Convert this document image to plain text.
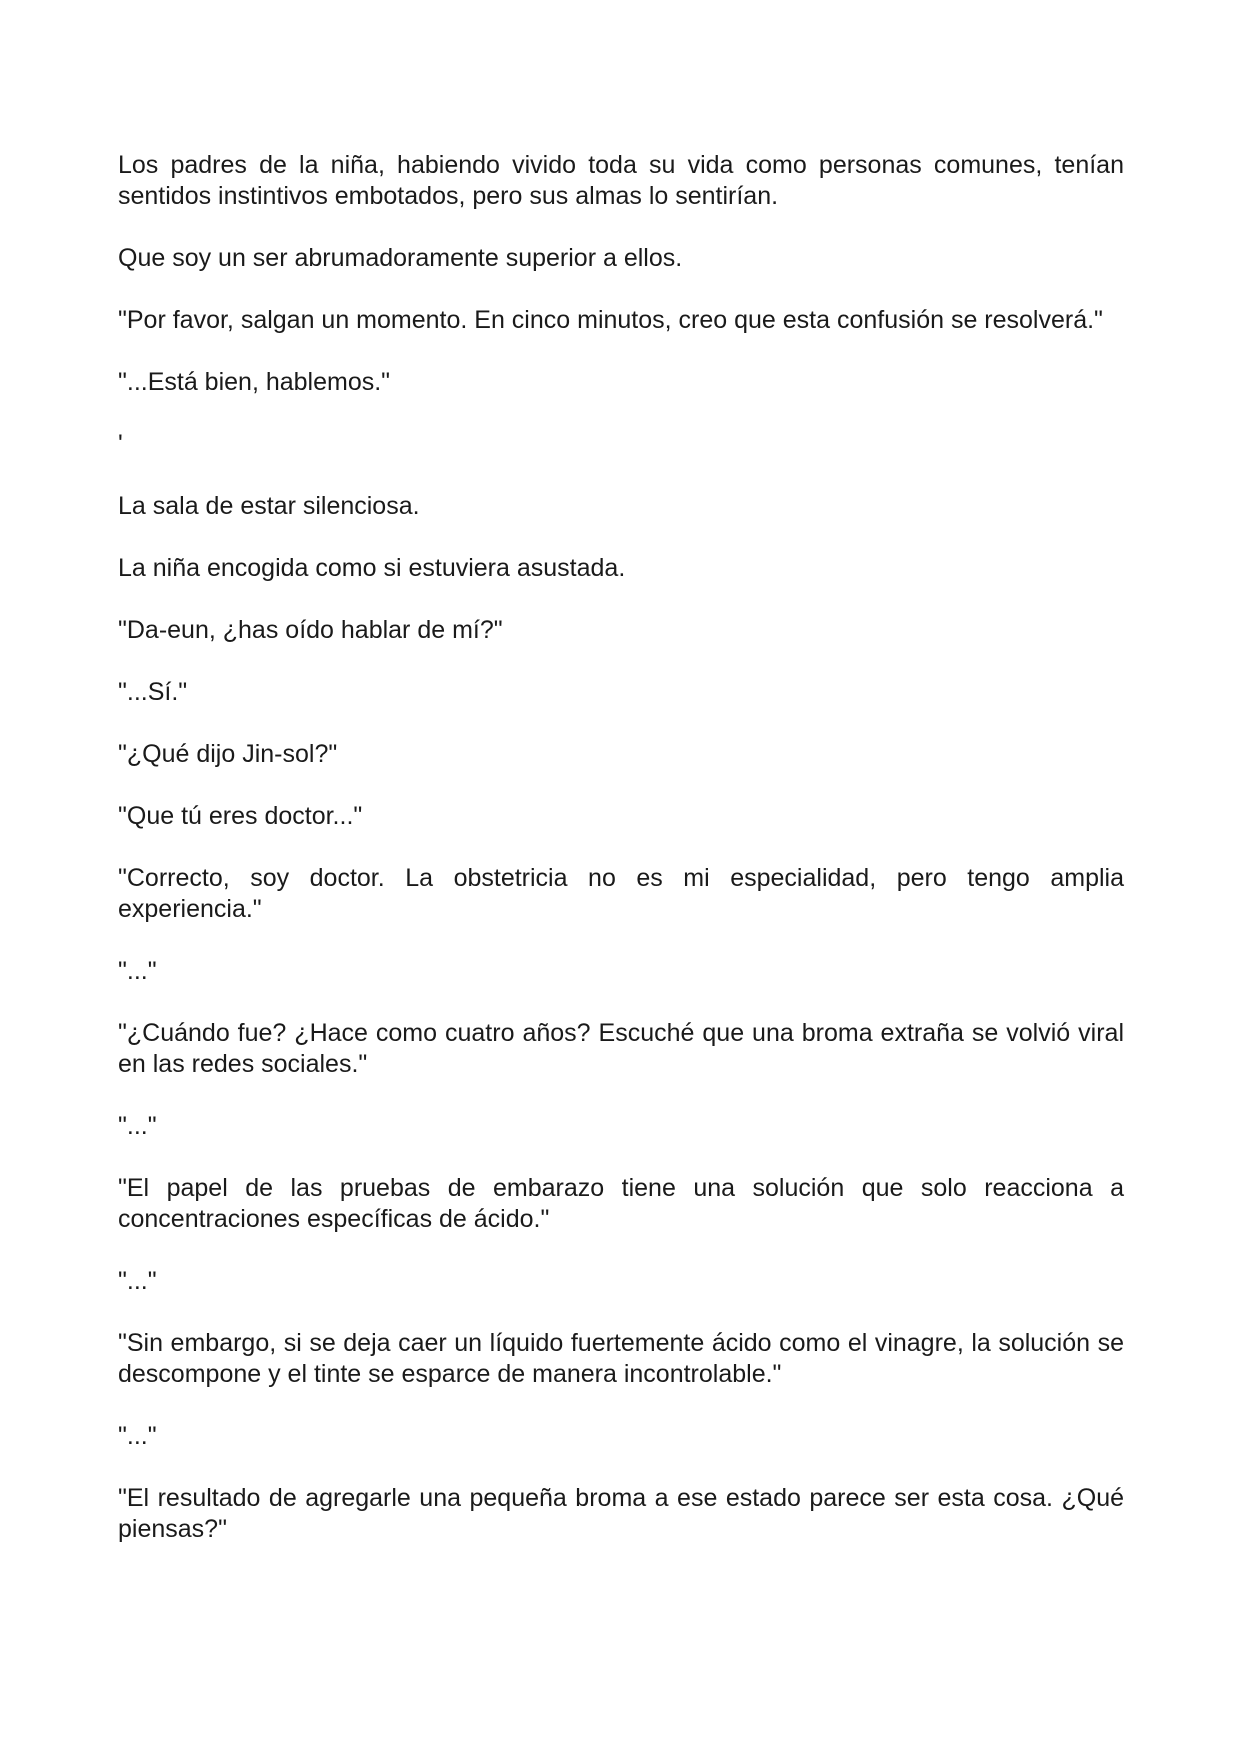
Los padres de la niña, habiendo vivido toda su vida como personas comunes, tenían sentidos instintivos embotados, pero sus almas lo sentirían.

Que soy un ser abrumadoramente superior a ellos.

"Por favor, salgan un momento. En cinco minutos, creo que esta confusión se resolverá."

"...Está bien, hablemos."

'

La sala de estar silenciosa.

La niña encogida como si estuviera asustada.

"Da-eun, ¿has oído hablar de mí?"

"...Sí."

"¿Qué dijo Jin-sol?"

"Que tú eres doctor..."

"Correcto, soy doctor. La obstetricia no es mi especialidad, pero tengo amplia experiencia."

"..."

"¿Cuándo fue? ¿Hace como cuatro años? Escuché que una broma extraña se volvió viral en las redes sociales."

"..."

"El papel de las pruebas de embarazo tiene una solución que solo reacciona a concentraciones específicas de ácido."

"..."

"Sin embargo, si se deja caer un líquido fuertemente ácido como el vinagre, la solución se descompone y el tinte se esparce de manera incontrolable."

"..."

"El resultado de agregarle una pequeña broma a ese estado parece ser esta cosa. ¿Qué piensas?"
